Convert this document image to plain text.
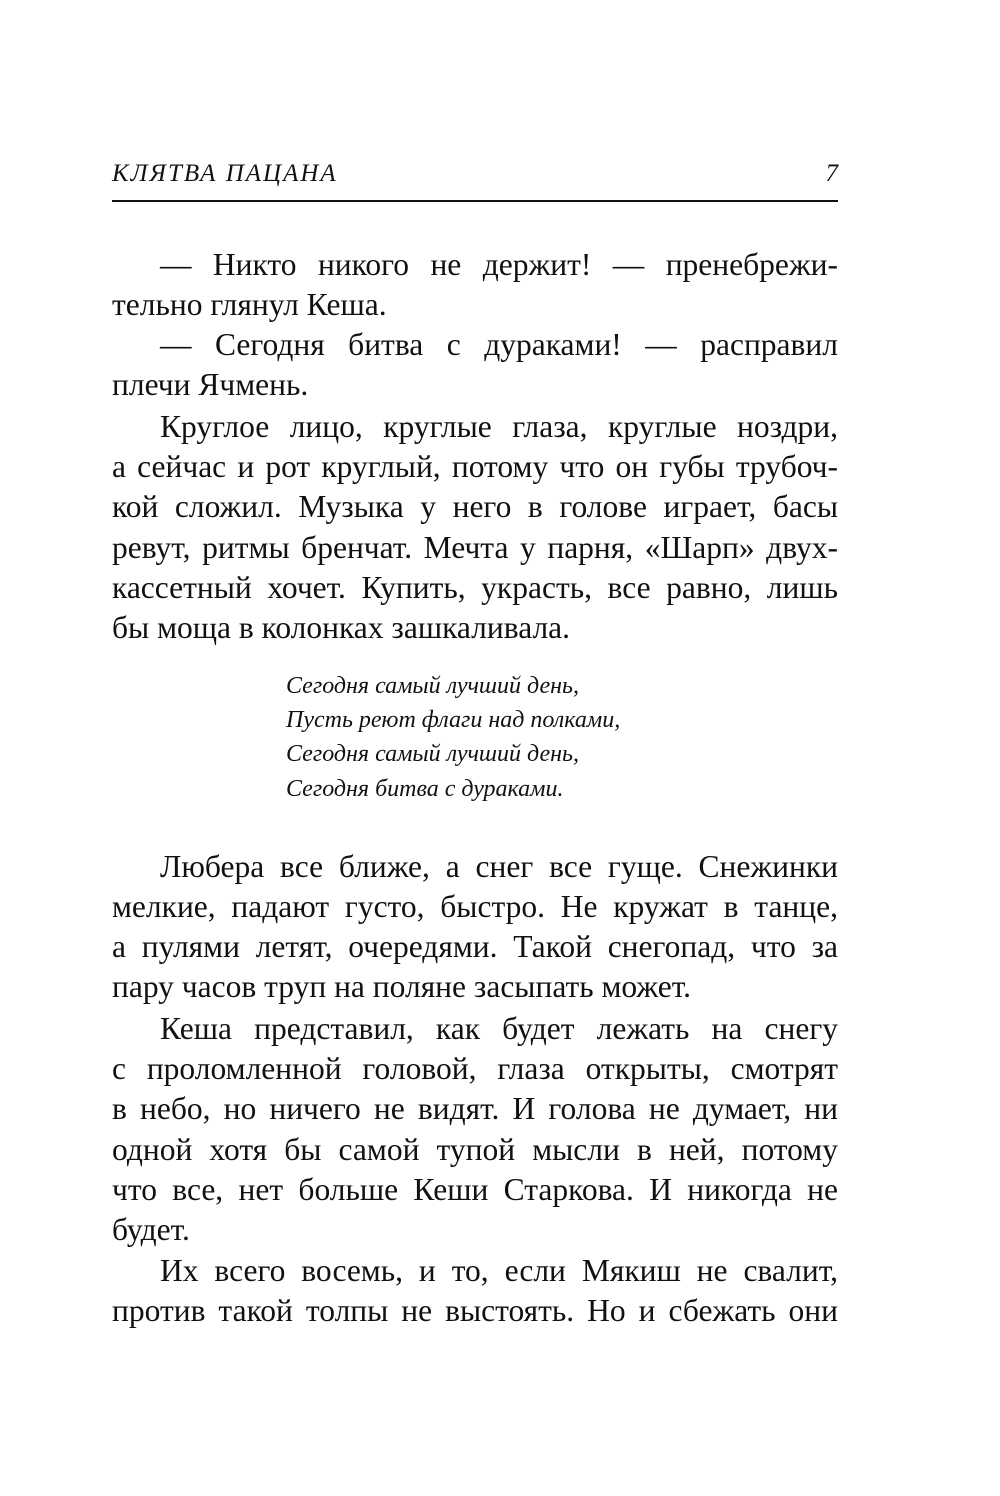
КЛЯТВА ПАЦАНА	7
— Никто никого не держит! — пренебрежи-
тельно глянул Кеша.
— Сегодня битва с дураками! — расправил
плечи Ячмень.
Круглое лицо, круглые глаза, круглые ноздри,
а сейчас и рот круглый, потому что он губы трубоч-
кой сложил. Музыка у него в голове играет, басы
ревут, ритмы бренчат. Мечта у парня, «Шарп» двух-
кассетный хочет. Купить, украсть, все равно, лишь
бы моща в колонках зашкаливала.
Сегодня самый лучший день,
Пусть реют флаги над полками,
Сегодня самый лучший день,
Сегодня битва с дураками.
Любера все ближе, а снег все гуще. Снежинки
мелкие, падают густо, быстро. Не кружат в танце,
а пулями летят, очередями. Такой снегопад, что за
пару часов труп на поляне засыпать может.
Кеша представил, как будет лежать на снегу
с проломленной головой, глаза открыты, смотрят
в небо, но ничего не видят. И голова не думает, ни
одной хотя бы самой тупой мысли в ней, потому
что все, нет больше Кеши Старкова. И никогда не
будет.
Их всего восемь, и то, если Мякиш не свалит,
против такой толпы не выстоять. Но и сбежать они
